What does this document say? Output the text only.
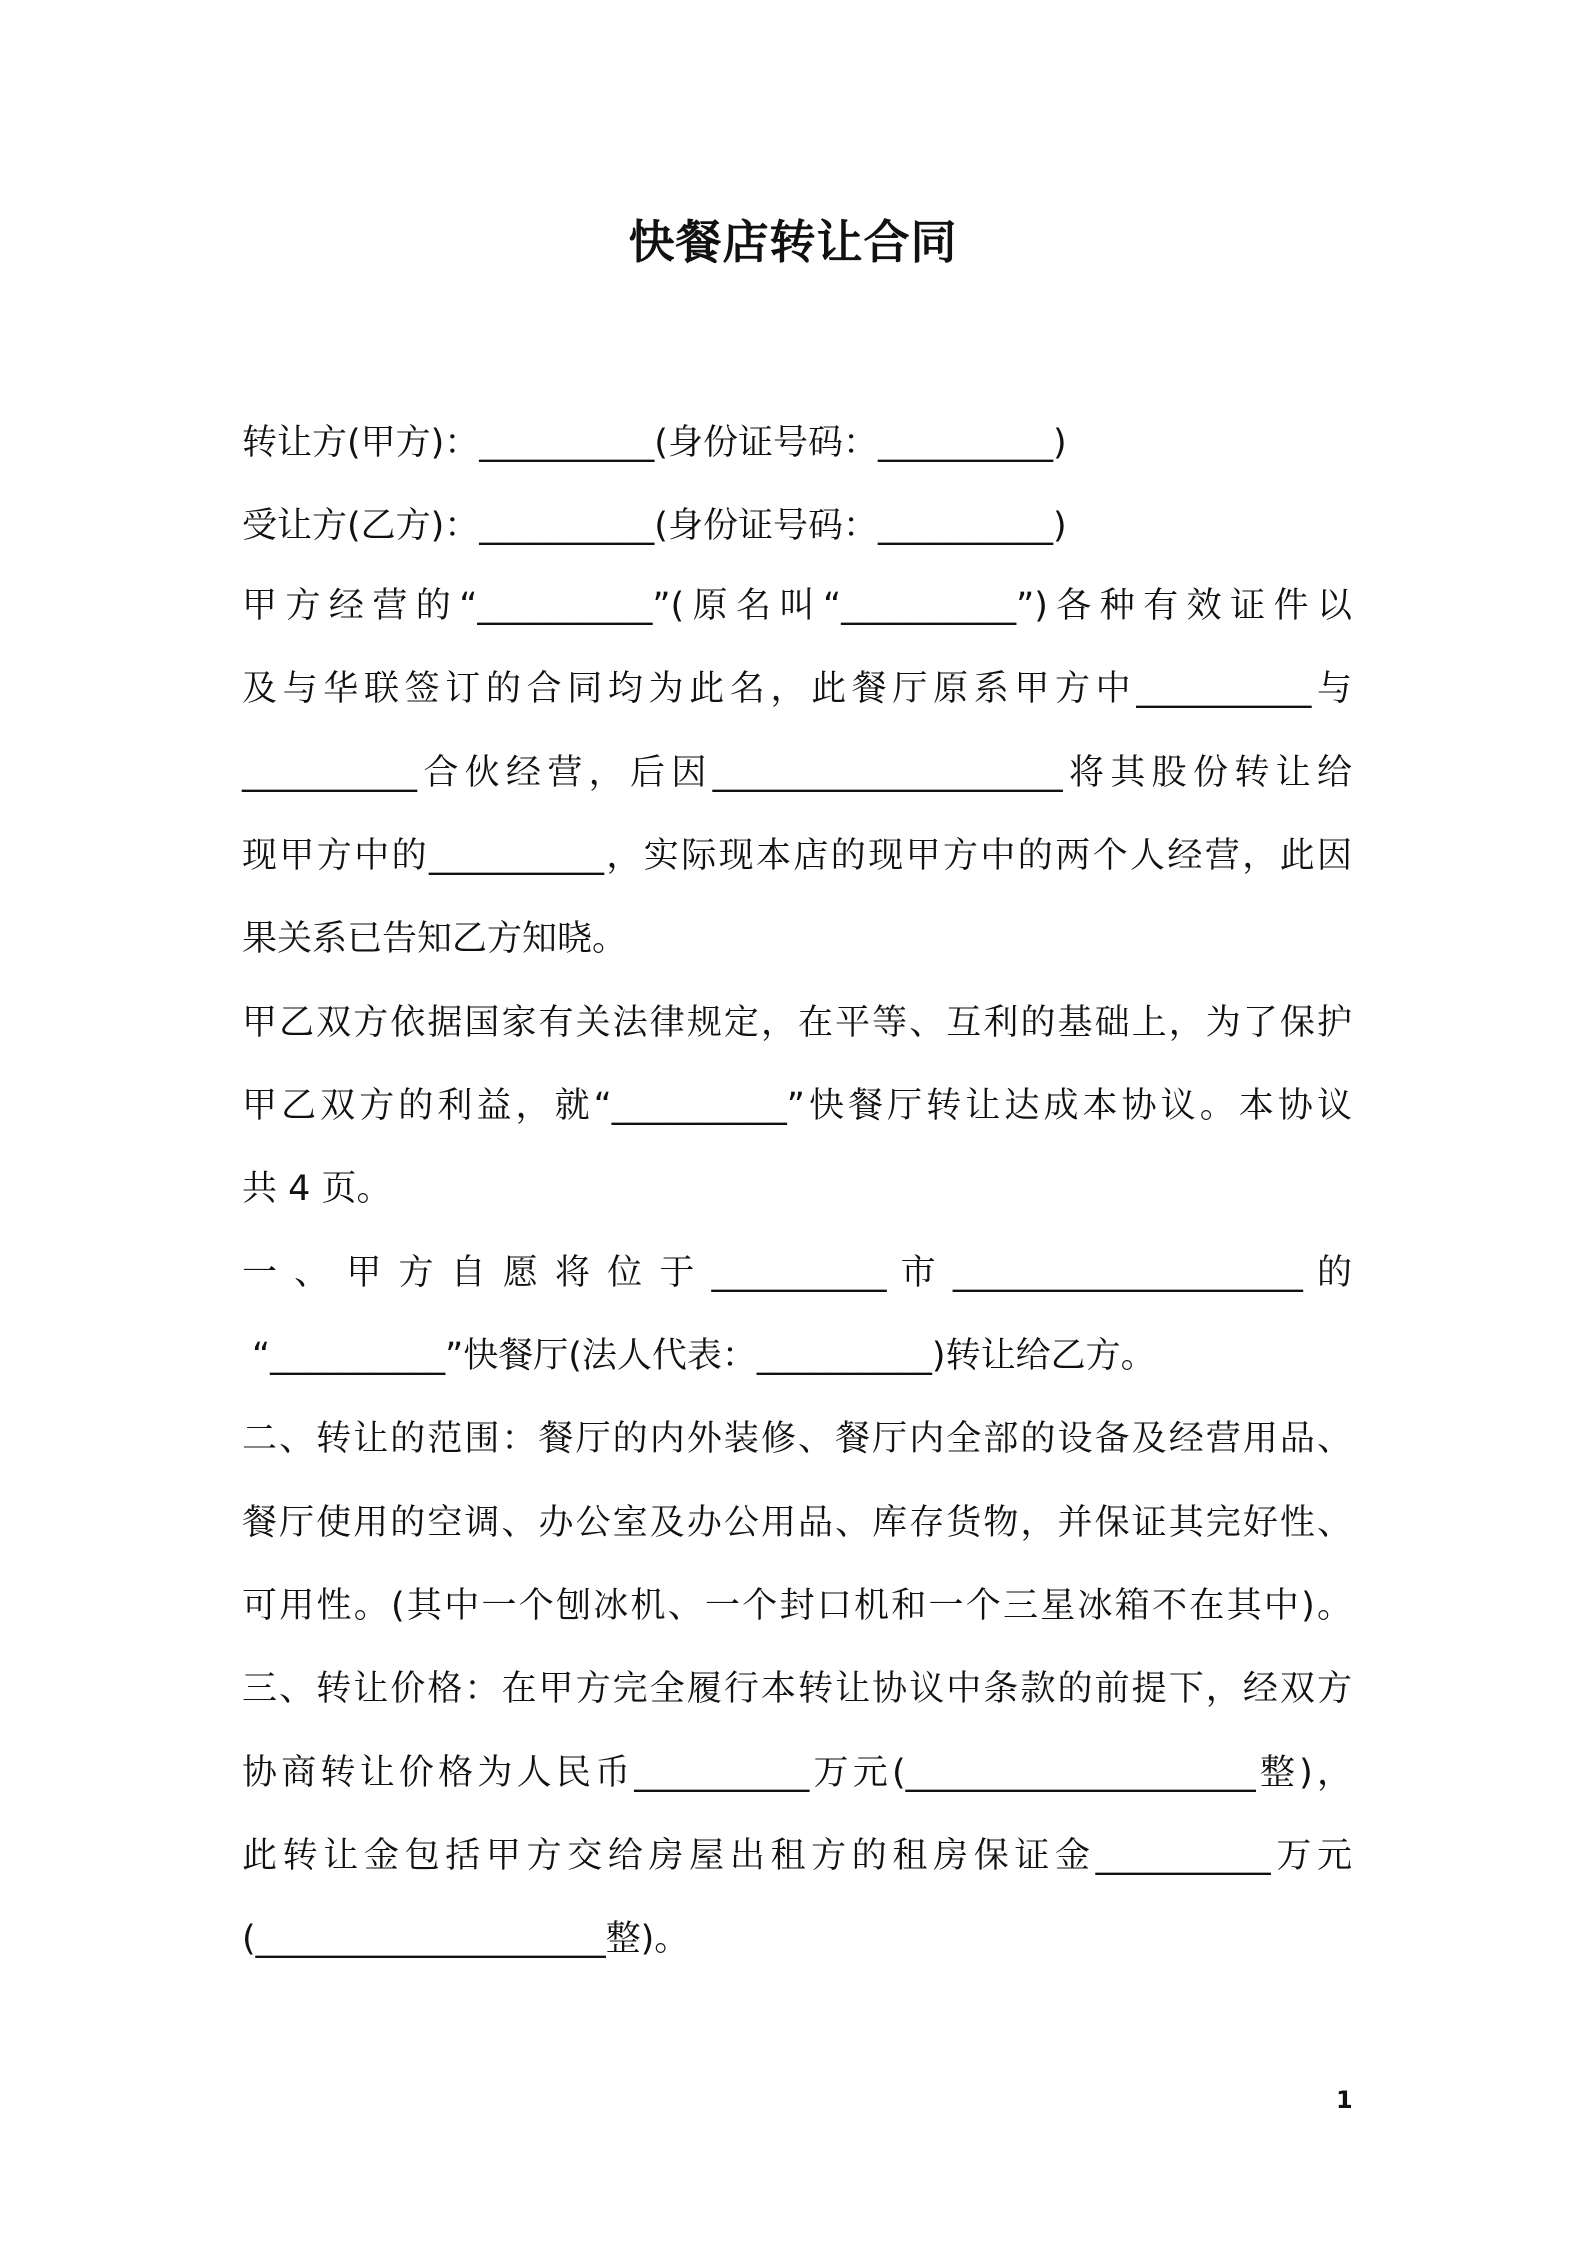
快餐店转让合同
转让方(甲方)：__________(身份证号码：__________)
受让方(乙方)：__________(身份证号码：__________)
甲方经营的“__________”(原名叫“__________”)各种有效证件以
及与华联签订的合同均为此名，此餐厅原系甲方中__________与
__________合伙经营，后因____________________将其股份转让给
现甲方中的__________，实际现本店的现甲方中的两个人经营，此因
果关系已告知乙方知晓。
甲乙双方依据国家有关法律规定，在平等、互利的基础上，为了保护
甲乙双方的利益，就“__________”快餐厅转让达成本协议。本协议
共 4 页。
一 、 甲 方 自 愿 将 位 于 __________ 市 ____________________ 的
“__________”快餐厅(法人代表：__________)转让给乙方。
二、转让的范围：餐厅的内外装修、餐厅内全部的设备及经营用品、
餐厅使用的空调、办公室及办公用品、库存货物，并保证其完好性、
可用性。(其中一个刨冰机、一个封口机和一个三星冰箱不在其中)。
三、转让价格：在甲方完全履行本转让协议中条款的前提下，经双方
协商转让价格为人民币__________万元(____________________整)，
此转让金包括甲方交给房屋出租方的租房保证金__________万元
(____________________整)。
1
